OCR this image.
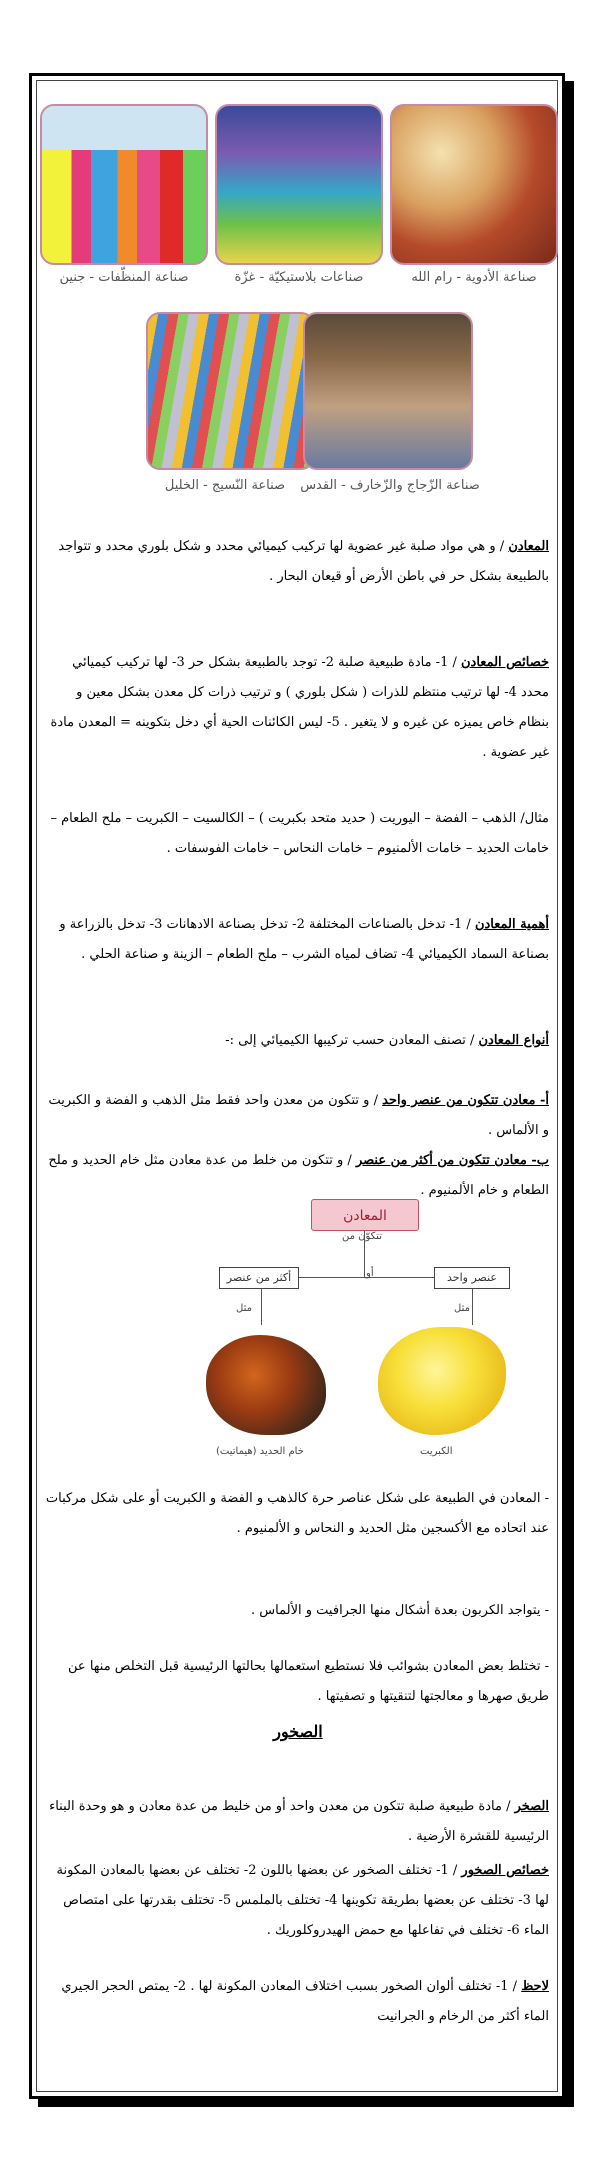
صناعة المنظّفات - جنين	صناعات بلاستيكيّة - غزّة	صناعة الأدوية - رام الله
صناعة النّسيج - الخليل	صناعة الزّجاج والزّخارف - القدس
المعادن / و هي مواد صلبة غير عضوية لها تركيب كيميائي محدد و شكل بلوري محدد و تتواجد بالطبيعة بشكل حر في باطن الأرض أو قيعان البحار .
خصائص المعادن / 1- مادة طبيعية صلبة 2- توجد بالطبيعة بشكل حر 3- لها تركيب كيميائي محدد 4- لها ترتيب منتظم للذرات ( شكل بلوري ) و ترتيب ذرات كل معدن بشكل معين و بنظام خاص يميزه عن غيره و لا يتغير . 5- ليس الكائنات الحية أي دخل بتكوينه = المعدن مادة غير عضوية .
مثال/ الذهب – الفضة – اليوريت ( حديد متحد بكبريت ) – الكالسيت – الكبريت – ملح الطعام – خامات الحديد – خامات الألمنيوم – خامات النحاس – خامات الفوسفات .
أهمية المعادن / 1- تدخل بالصناعات المختلفة 2- تدخل بصناعة الادهانات 3- تدخل بالزراعة و بصناعة السماد الكيميائي 4- تضاف لمياه الشرب – ملح الطعام – الزينة و صناعة الحلي .
أنواع المعادن / تصنف المعادن حسب تركيبها الكيميائي إلى :-
أ- معادن تتكون من عنصر واحد / و تتكون من معدن واحد فقط مثل الذهب و الفضة و الكبريت و الألماس .
ب- معادن تتكون من أكثر من عنصر / و تتكون من خلط من عدة معادن مثل خام الحديد و ملح الطعام و خام الألمنيوم .
المعادن
تتكوّن من
أو	عنصر واحد
أكثر من عنصر
مثل	مثل
خام الحديد (هيماتيت)	الكبريت
- المعادن في الطبيعة على شكل عناصر حرة كالذهب و الفضة و الكبريت أو على شكل مركبات عند اتحاده مع الأكسجين مثل الحديد و النحاس و الألمنيوم .
- يتواجد الكربون بعدة أشكال منها الجرافيت و الألماس .
- تختلط بعض المعادن بشوائب فلا نستطيع استعمالها بحالتها الرئيسية قبل التخلص منها عن طريق صهرها و معالجتها لتنقيتها و تصفيتها .
الصخور
الصخر / مادة طبيعية صلبة تتكون من معدن واحد أو من خليط من عدة معادن و هو وحدة البناء الرئيسية للقشرة الأرضية .
خصائص الصخور / 1- تختلف الصخور عن بعضها باللون 2- تختلف عن بعضها بالمعادن المكونة لها 3- تختلف عن بعضها بطريقة تكوينها 4- تختلف بالملمس 5- تختلف بقدرتها على امتصاص الماء 6- تختلف في تفاعلها مع حمض الهيدروكلوريك .
لاحظ / 1- تختلف ألوان الصخور بسبب اختلاف المعادن المكونة لها . 2- يمتص الحجر الجيري الماء أكثر من الرخام و الجرانيت
